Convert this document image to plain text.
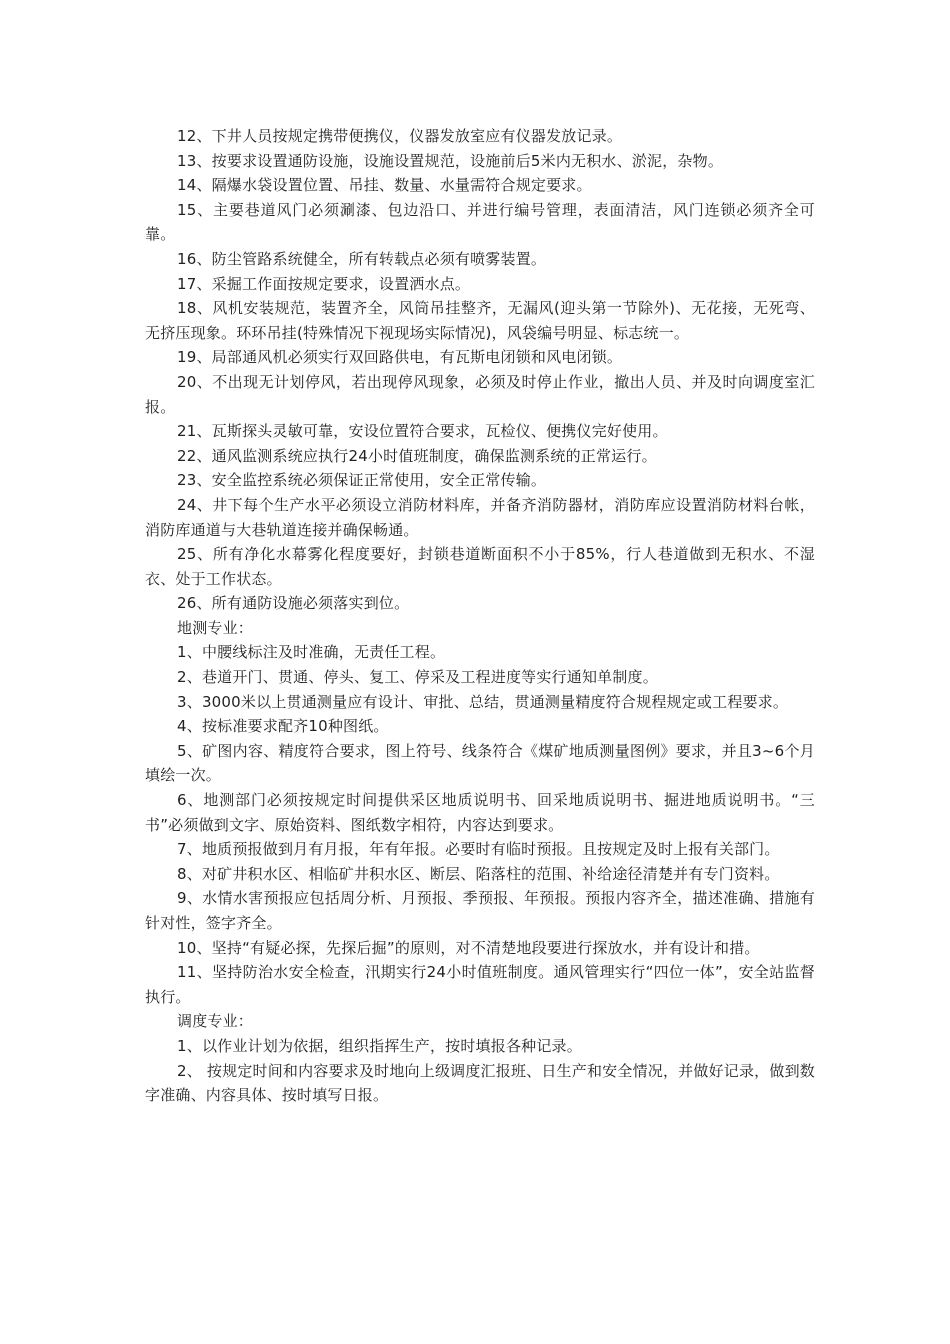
12、下井人员按规定携带便携仪，仪器发放室应有仪器发放记录。

13、按要求设置通防设施，设施设置规范，设施前后5米内无积水、淤泥，杂物。

14、隔爆水袋设置位置、吊挂、数量、水量需符合规定要求。

15、主要巷道风门必须涮漆、包边沿口、并进行编号管理，表面清洁，风门连锁必须齐全可靠。

16、防尘管路系统健全，所有转载点必须有喷雾装置。

17、采掘工作面按规定要求，设置洒水点。

18、风机安装规范，装置齐全，风筒吊挂整齐，无漏风(迎头第一节除外)、无花接，无死弯、无挤压现象。环环吊挂(特殊情况下视现场实际情况)，风袋编号明显、标志统一。

19、局部通风机必须实行双回路供电，有瓦斯电闭锁和风电闭锁。

20、不出现无计划停风，若出现停风现象，必须及时停止作业，撤出人员、并及时向调度室汇报。

21、瓦斯探头灵敏可靠，安设位置符合要求，瓦检仪、便携仪完好使用。

22、通风监测系统应执行24小时值班制度，确保监测系统的正常运行。

23、安全监控系统必须保证正常使用，安全正常传输。

24、井下每个生产水平必须设立消防材料库，并备齐消防器材，消防库应设置消防材料台帐，消防库通道与大巷轨道连接并确保畅通。

25、所有净化水幕雾化程度要好，封锁巷道断面积不小于85%，行人巷道做到无积水、不湿衣、处于工作状态。

26、所有通防设施必须落实到位。

地测专业：

1、中腰线标注及时准确，无责任工程。

2、巷道开门、贯通、停头、复工、停采及工程进度等实行通知单制度。

3、3000米以上贯通测量应有设计、审批、总结，贯通测量精度符合规程规定或工程要求。

4、按标准要求配齐10种图纸。

5、矿图内容、精度符合要求，图上符号、线条符合《煤矿地质测量图例》要求，并且3~6个月填绘一次。

6、地测部门必须按规定时间提供采区地质说明书、回采地质说明书、掘进地质说明书。“三书”必须做到文字、原始资料、图纸数字相符，内容达到要求。

7、地质预报做到月有月报，年有年报。必要时有临时预报。且按规定及时上报有关部门。

8、对矿井积水区、相临矿井积水区、断层、陷落柱的范围、补给途径清楚并有专门资料。

9、水情水害预报应包括周分析、月预报、季预报、年预报。预报内容齐全，描述准确、措施有针对性，签字齐全。

10、坚持“有疑必探，先探后掘”的原则，对不清楚地段要进行探放水，并有设计和措。

11、坚持防治水安全检查，汛期实行24小时值班制度。通风管理实行“四位一体”，安全站监督执行。

调度专业：

1、以作业计划为依据，组织指挥生产，按时填报各种记录。

2、 按规定时间和内容要求及时地向上级调度汇报班、日生产和安全情况，并做好记录，做到数字准确、内容具体、按时填写日报。
